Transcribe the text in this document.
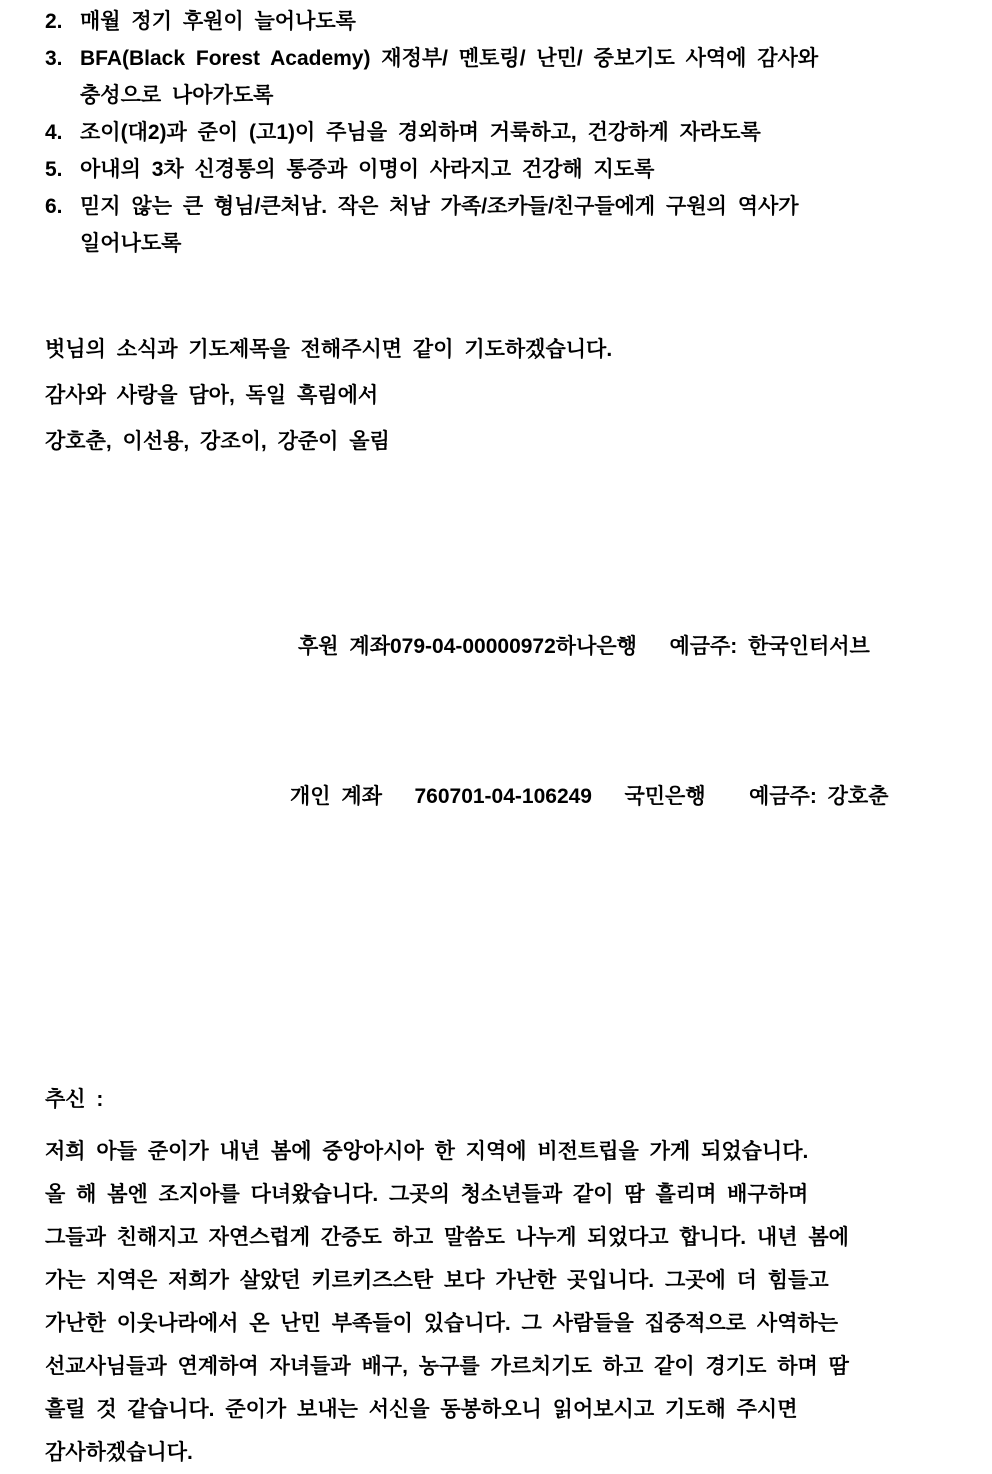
2. 매월 정기 후원이 늘어나도록
3. BFA(Black Forest Academy) 재정부/ 멘토링/ 난민/ 중보기도 사역에 감사와
충성으로 나아가도록
4. 조이(대2)과 준이 (고1)이 주님을 경외하며 거룩하고, 건강하게 자라도록
5. 아내의 3차 신경통의 통증과 이명이 사라지고 건강해 지도록
6. 믿지 않는 큰 형님/큰처남. 작은 처남 가족/조카들/친구들에게 구원의 역사가
일어나도록
벗님의 소식과 기도제목을 전해주시면 같이 기도하겠습니다.
감사와 사랑을 담아, 독일 흑림에서
강호춘, 이선용, 강조이, 강준이 올림

후원 계좌079-04-00000972하나은행   예금주: 한국인터서브

개인 계좌   760701-04-106249   국민은행    예금주: 강호춘

추신 :
저희 아들 준이가 내년 봄에 중앙아시아 한 지역에 비전트립을 가게 되었습니다.
올 해 봄엔 조지아를 다녀왔습니다. 그곳의 청소년들과 같이 땀 흘리며 배구하며
그들과 친해지고 자연스럽게 간증도 하고 말씀도 나누게 되었다고 합니다. 내년 봄에
가는 지역은 저희가 살았던 키르키즈스탄 보다 가난한 곳입니다. 그곳에 더 힘들고
가난한 이웃나라에서 온 난민 부족들이 있습니다. 그 사람들을 집중적으로 사역하는
선교사님들과 연계하여 자녀들과 배구, 농구를 가르치기도 하고 같이 경기도 하며 땀
흘릴 것 같습니다. 준이가 보내는 서신을 동봉하오니 읽어보시고 기도해 주시면
감사하겠습니다.
